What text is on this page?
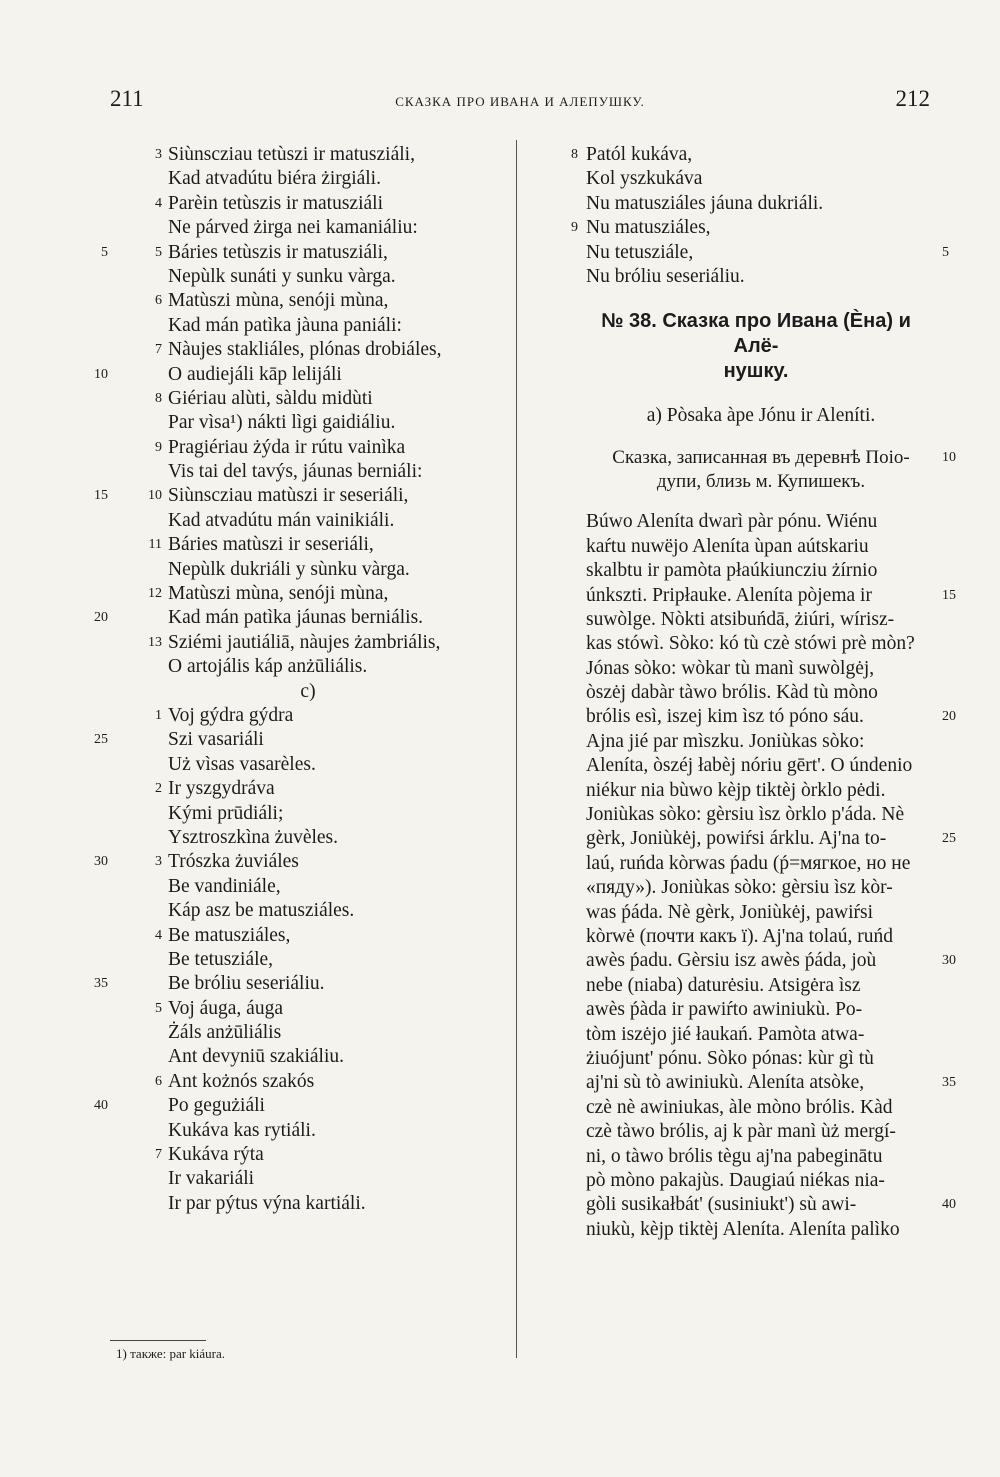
211	СКАЗКА ПРО ИВАНА И АЛЕПУШКУ.	212
3 Siùnscziau tetùszi ir matusziáli,
Kad atvadútu biéra żirgiáli.
4 Parèin tetùszis ir matusziáli
Ne párved żirga nei kamaniáliu:
5	5 Báries tetùszis ir matusziáli,
Nepùlk sunáti y sunku vàrga.
6 Matùszi mùna, senóji mùna,
Kad mán patìka jàuna paniáli:
7 Nàujes stakliáles, plónas drobiáles,
10	O audiejáli kāp lelijáli
8 Giériau alùti, sàldu midùti
Par vìsa¹) nákti lìgi gaidiáliu.
9 Pragiériau żýda ir rútu vainìka
Vis tai del tavýs, jáunas berniáli:
15	10 Siùnscziau matùszi ir seseriáli,
Kad atvadútu mán vainikiáli.
11 Báries matùszi ir seseriáli,
Nepùlk dukriáli y sùnku vàrga.
12 Matùszi mùna, senóji mùna,
20	Kad mán patìka jáunas berniális.
13 Sziémi jautiáliā, nàujes żambriális,
O artojális káp anżūliális.
c)
1 Voj gýdra gýdra
25	Szi vasariáli
Uż vìsas vasarèles.
2 Ir yszgydráva
Kými prūdiáli;
Ysztroszkìna żuvèles.
30	3 Trószka żuviáles
Be vandiniále,
Káp asz be matusziáles.
4 Be matusziáles,
Be tetusziále,
35	Be bróliu seseriáliu.
5 Voj áuga, áuga
Żáls anżūliális
Ant devyniū szakiáliu.
6 Ant kożnós szakós
40	Po gegużiáli
Kukáva kas rytiáli.
7 Kukáva rýta
Ir vakariáli
Ir par pýtus výna kartiáli.
8 Patól kukáva,
Kol yszkukáva
Nu matusziáles jáuna dukriáli.
9 Nu matusziáles,
Nu tetusziále,	5
Nu bróliu seseriáliu.
№ 38. Сказка про Ивана (Èна) и Алё-
нушку.
a) Pòsaka àpe Jónu ir Aleníti.
Сказка, записанная въ деревнѣ Поіо-
дупи, близь м. Купишекъ.
10
Búwo Aleníta dwarì pàr pónu. Wiénu
kaŕtu nuwëjo Aleníta ùpan aútskariu
skalbtu ir pamòta płaúkiuncziu żírnio
únkszti. Pripłauke. Aleníta pòjema ir	15
suwòlge. Nòkti atsibuńdā, żiúri, wírisz-
kas stówì. Sòko: kó tù czè stówi prè mòn?
Jónas sòko: wòkar tù manì suwòlgėj,
òszėj dabàr tàwo brólis. Kàd tù mòno
brólis esì, iszej kim ìsz tó póno sáu.	20
Ajna jié par mìszku. Joniùkas sòko:
Aleníta, òszéj łabèj nóriu gērt'. O úndenio
niékur nia bùwo kèjp tiktèj òrklo pėdi.
Joniùkas sòko: gèrsiu ìsz òrklo p'áda. Nè
gèrk, Joniùkėj, powiŕsi árklu. Aj'na to-	25
laú, ruńda kòrwas ṕadu (ṕ=мягкое, но не
«пяду»). Joniùkas sòko: gèrsiu ìsz kòr-
was ṕáda. Nè gèrk, Joniùkėj, pawiŕsi
kòrwė (почти какъ ї). Aj'na tolaú, ruńd
awès ṕadu. Gèrsiu isz awès ṕáda, joù	30
nebe (niaba) daturėsiu. Atsigėra ìsz
awès ṕàda ir pawiŕto awiniukù. Po-
tòm iszėjo jié łaukań. Pamòta atwa-
żiuójunt' pónu. Sòko pónas: kùr gì tù
aj'ni sù tò awiniukù. Aleníta atsòke,	35
czè nè awiniukas, àle mòno brólis. Kàd
czè tàwo brólis, aj k pàr manì ùż mergí-
ni, o tàwo brólis tègu aj'na pabeginātu
pò mòno pakajùs. Daugiaú niékas nia-
gòli susikałbát' (susiniukt') sù awi-	40
niukù, kèjp tiktèj Aleníta. Aleníta palìko
1) также: par kiáura.
